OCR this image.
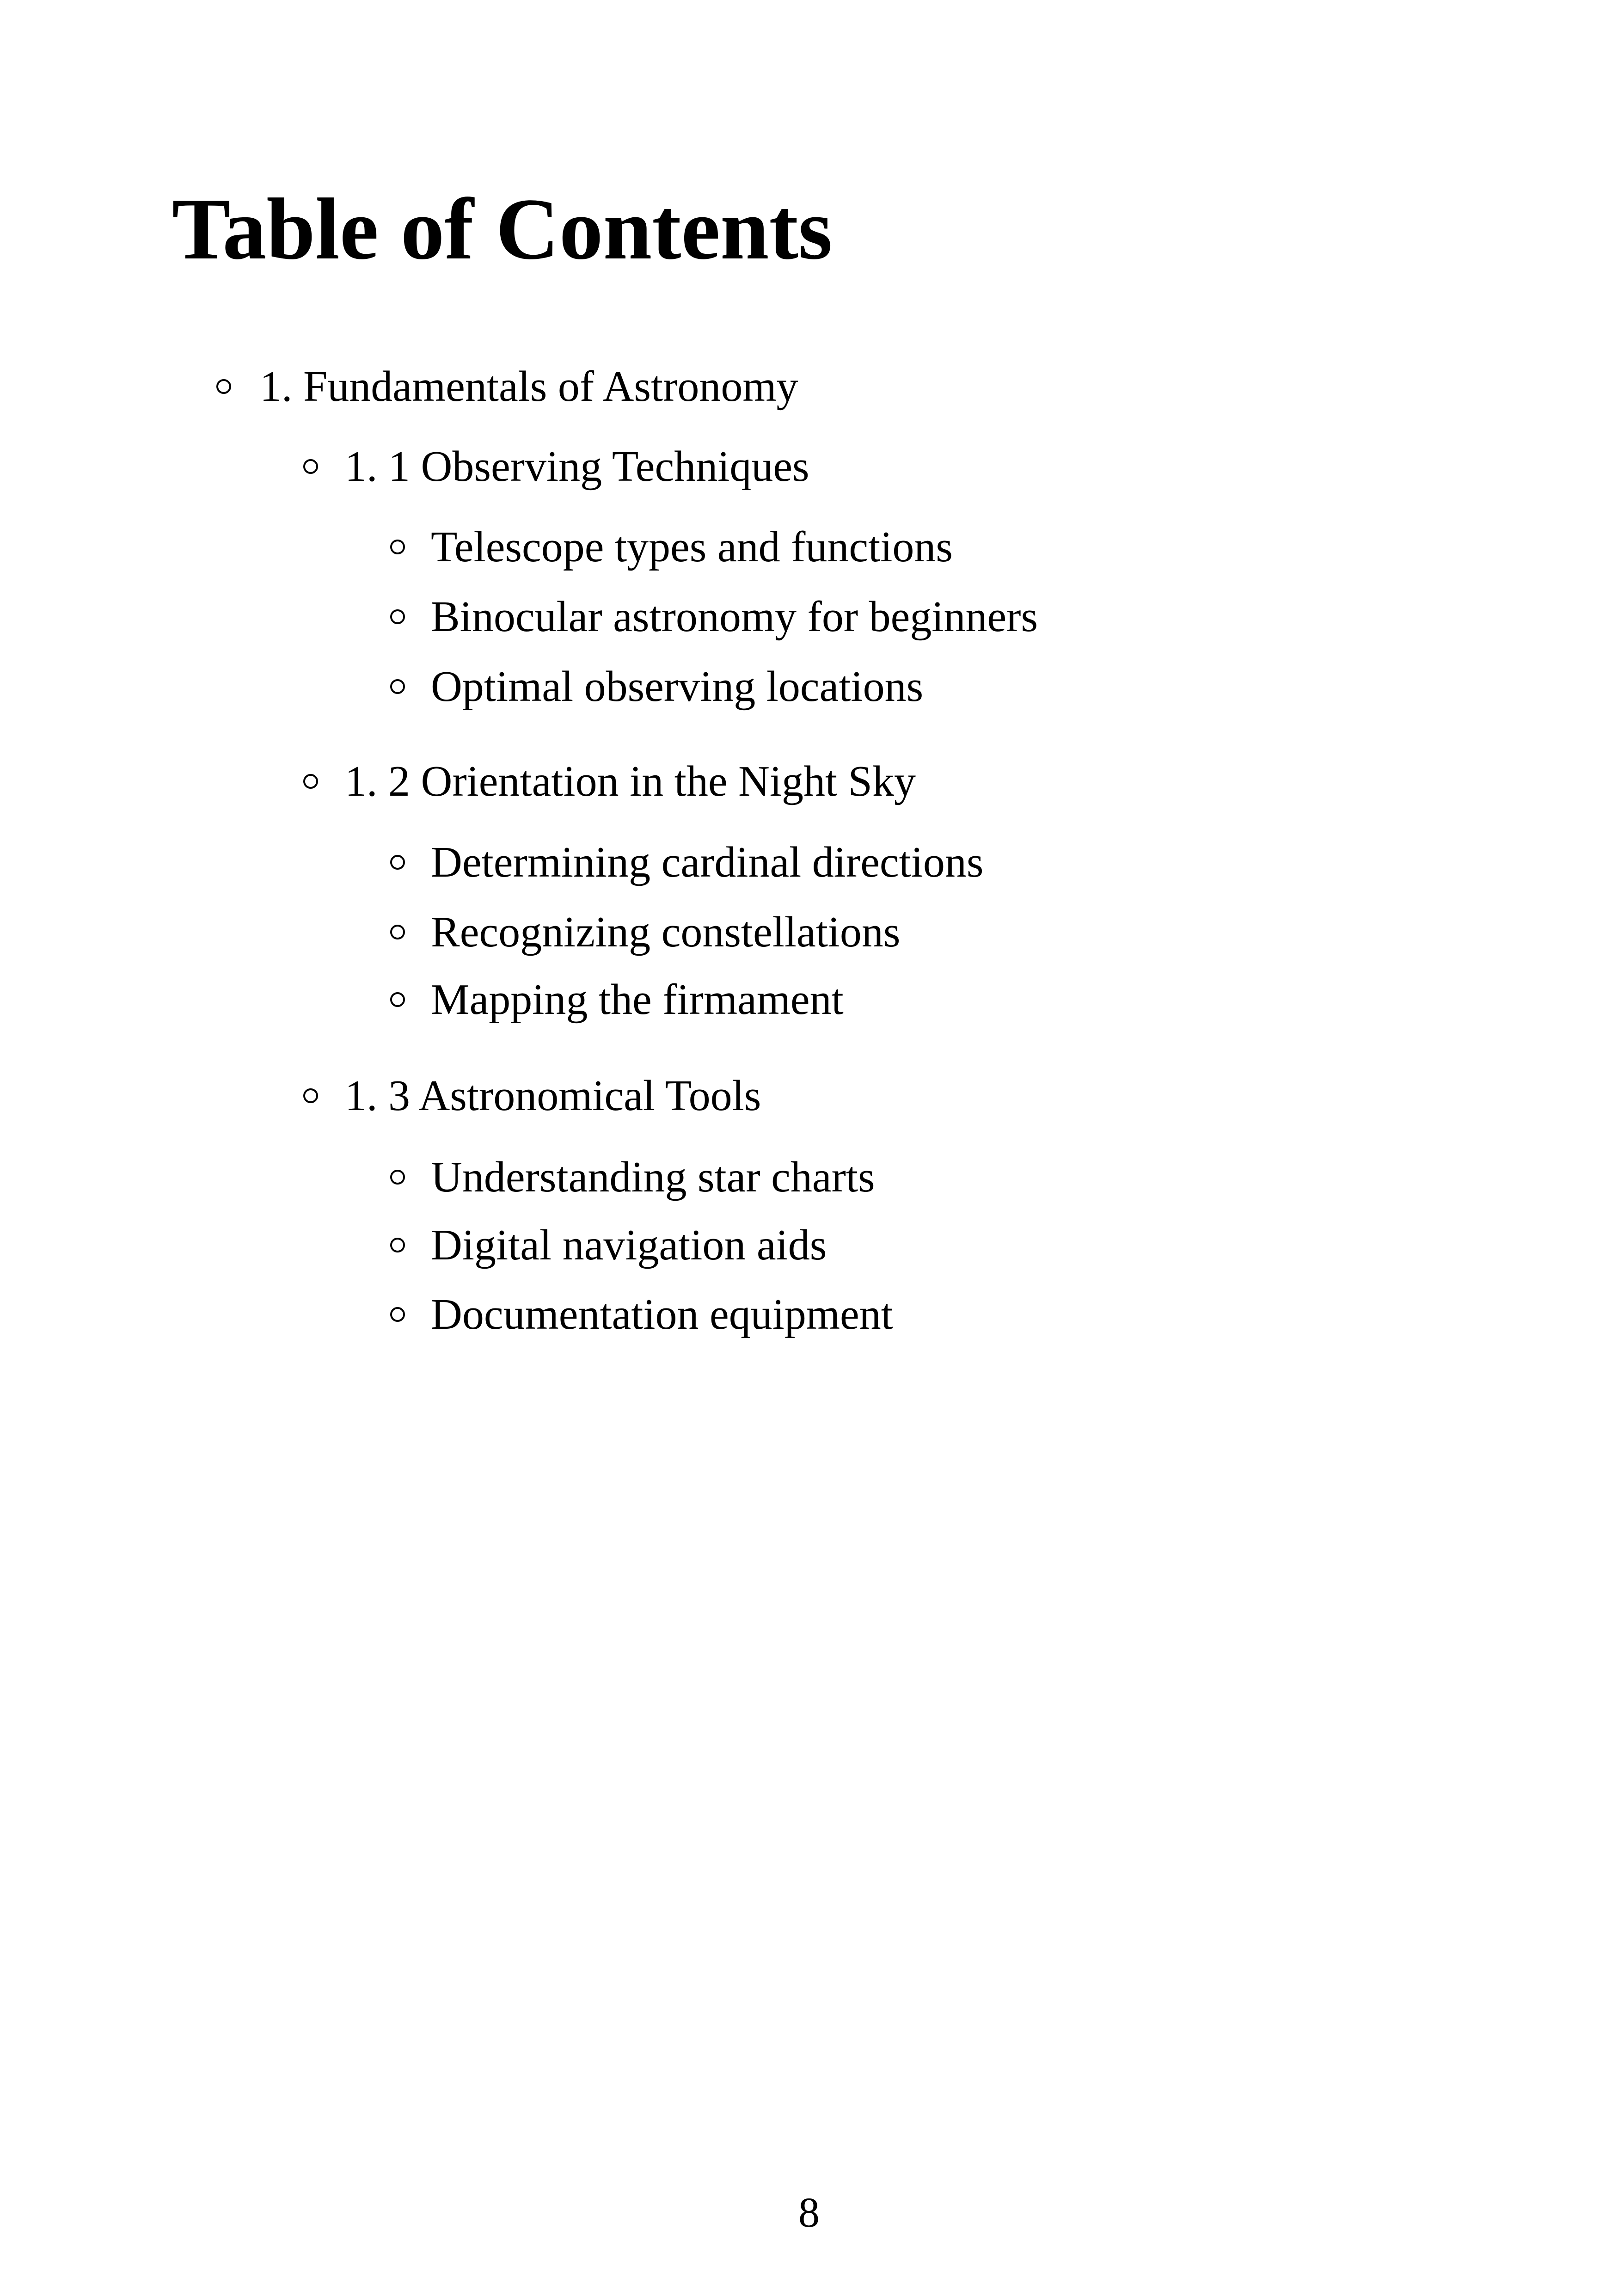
Table of Contents
1. Fundamentals of Astronomy
1. 1 Observing Techniques
Telescope types and functions
Binocular astronomy for beginners
Optimal observing locations
1. 2 Orientation in the Night Sky
Determining cardinal directions
Recognizing constellations
Mapping the firmament
1. 3 Astronomical Tools
Understanding star charts
Digital navigation aids
Documentation equipment
8
